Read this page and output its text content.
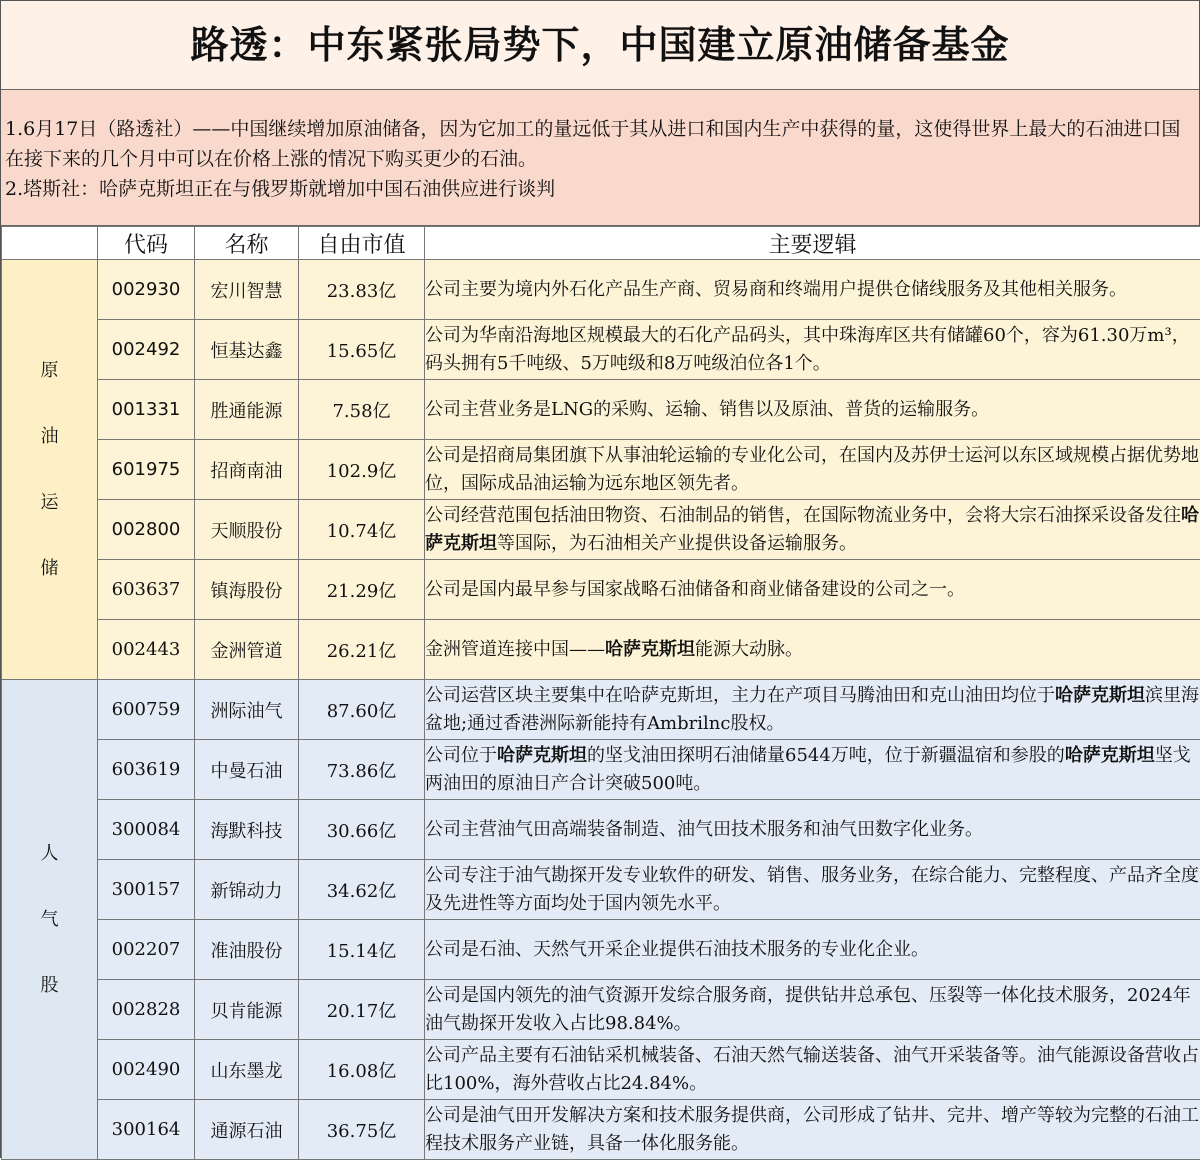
路透：中东紧张局势下，中国建立原油储备基金

1.6月17日（路透社）——中国继续增加原油储备，因为它加工的量远低于其从进口和国内生产中获得的量，这使得世界上最大的石油进口国在接下来的几个月中可以在价格上涨的情况下购买更少的石油。

2.塔斯社：哈萨克斯坦正在与俄罗斯就增加中国石油供应进行谈判

	代码	名称	自由市值	主要逻辑
原油运储	002930	宏川智慧	23.83亿	公司主要为境内外石化产品生产商、贸易商和终端用户提供仓储线服务及其他相关服务。
	002492	恒基达鑫	15.65亿	公司为华南沿海地区规模最大的石化产品码头，其中珠海库区共有储罐60个，容为61.30万m³，码头拥有5千吨级、5万吨级和8万吨级泊位各1个。
	001331	胜通能源	7.58亿	公司主营业务是LNG的采购、运输、销售以及原油、普货的运输服务。
	601975	招商南油	102.9亿	公司是招商局集团旗下从事油轮运输的专业化公司，在国内及苏伊士运河以东区域规模占据优势地位，国际成品油运输为远东地区领先者。
	002800	天顺股份	10.74亿	公司经营范围包括油田物资、石油制品的销售，在国际物流业务中，会将大宗石油探采设备发往哈萨克斯坦等国际，为石油相关产业提供设备运输服务。
	603637	镇海股份	21.29亿	公司是国内最早参与国家战略石油储备和商业储备建设的公司之一。
	002443	金洲管道	26.21亿	金洲管道连接中国——哈萨克斯坦能源大动脉。
人气股	600759	洲际油气	87.60亿	公司运营区块主要集中在哈萨克斯坦，主力在产项目马腾油田和克山油田均位于哈萨克斯坦滨里海盆地;通过香港洲际新能持有Ambrilnc股权。
	603619	中曼石油	73.86亿	公司位于哈萨克斯坦的坚戈油田探明石油储量6544万吨，位于新疆温宿和参股的哈萨克斯坦坚戈两油田的原油日产合计突破500吨。
	300084	海默科技	30.66亿	公司主营油气田高端装备制造、油气田技术服务和油气田数字化业务。
	300157	新锦动力	34.62亿	公司专注于油气勘探开发专业软件的研发、销售、服务业务，在综合能力、完整程度、产品齐全度及先进性等方面均处于国内领先水平。
	002207	准油股份	15.14亿	公司是石油、天然气开采企业提供石油技术服务的专业化企业。
	002828	贝肯能源	20.17亿	公司是国内领先的油气资源开发综合服务商，提供钻井总承包、压裂等一体化技术服务，2024年油气勘探开发收入占比98.84%。
	002490	山东墨龙	16.08亿	公司产品主要有石油钻采机械装备、石油天然气输送装备、油气开采装备等。油气能源设备营收占比100%，海外营收占比24.84%。
	300164	通源石油	36.75亿	公司是油气田开发解决方案和技术服务提供商，公司形成了钻井、完井、增产等较为完整的石油工程技术服务产业链，具备一体化服务能。
